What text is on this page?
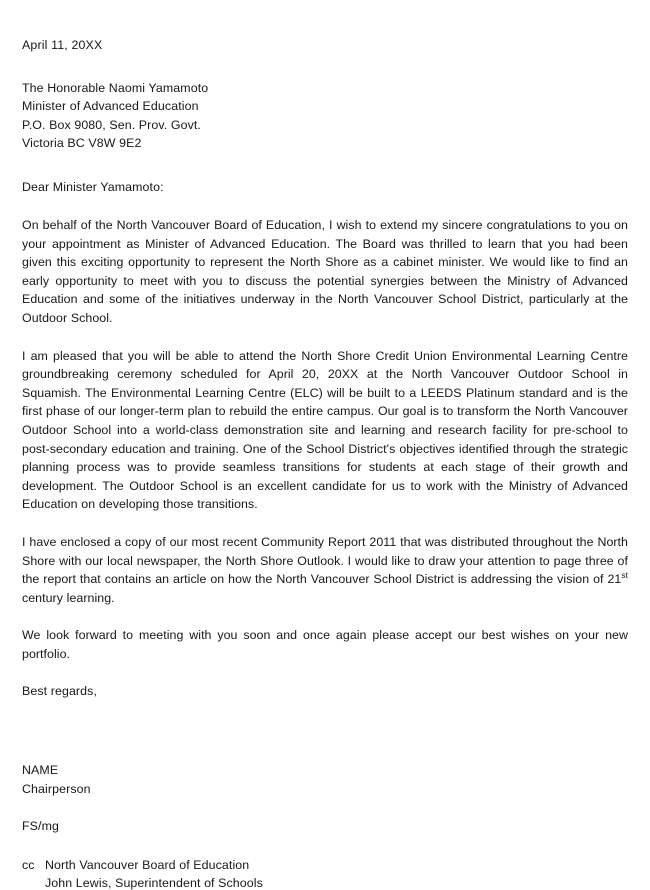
April 11, 20XX
The Honorable Naomi Yamamoto
Minister of Advanced Education
P.O. Box 9080, Sen. Prov. Govt.
Victoria BC V8W 9E2
Dear Minister Yamamoto:
On behalf of the North Vancouver Board of Education, I wish to extend my sincere congratulations to you on your appointment as Minister of Advanced Education. The Board was thrilled to learn that you had been given this exciting opportunity to represent the North Shore as a cabinet minister. We would like to find an early opportunity to meet with you to discuss the potential synergies between the Ministry of Advanced Education and some of the initiatives underway in the North Vancouver School District, particularly at the Outdoor School.
I am pleased that you will be able to attend the North Shore Credit Union Environmental Learning Centre groundbreaking ceremony scheduled for April 20, 20XX at the North Vancouver Outdoor School in Squamish. The Environmental Learning Centre (ELC) will be built to a LEEDS Platinum standard and is the first phase of our longer-term plan to rebuild the entire campus. Our goal is to transform the North Vancouver Outdoor School into a world-class demonstration site and learning and research facility for pre-school to post-secondary education and training. One of the School District's objectives identified through the strategic planning process was to provide seamless transitions for students at each stage of their growth and development. The Outdoor School is an excellent candidate for us to work with the Ministry of Advanced Education on developing those transitions.
I have enclosed a copy of our most recent Community Report 2011 that was distributed throughout the North Shore with our local newspaper, the North Shore Outlook. I would like to draw your attention to page three of the report that contains an article on how the North Vancouver School District is addressing the vision of 21st century learning.
We look forward to meeting with you soon and once again please accept our best wishes on your new portfolio.
Best regards,
NAME
Chairperson
FS/mg
cc North Vancouver Board of Education
John Lewis, Superintendent of Schools
